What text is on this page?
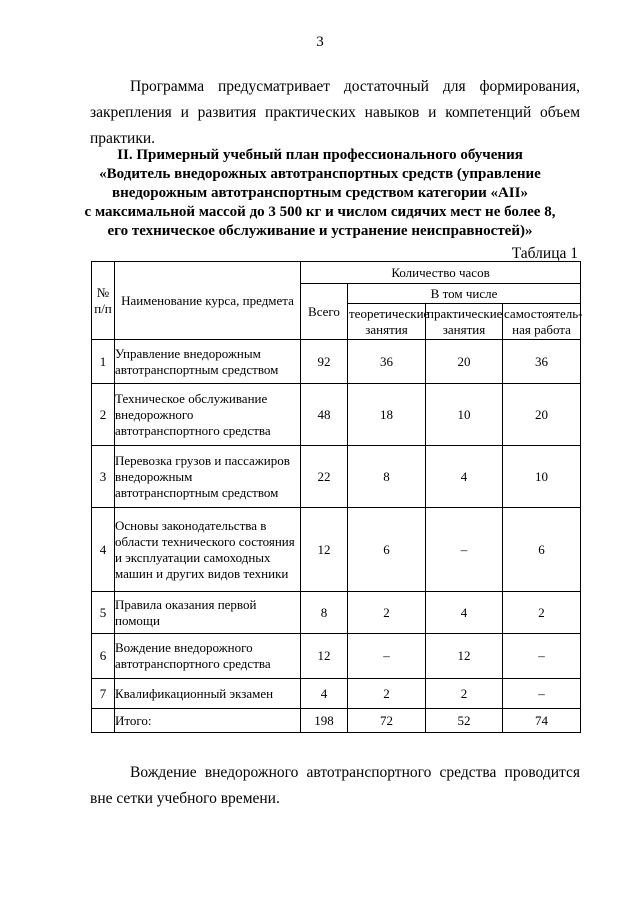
3

Программа предусматривает достаточный для формирования, закрепления и развития практических навыков и компетенций объем практики.

II. Примерный учебный план профессионального обучения
«Водитель внедорожных автотранспортных средств (управление
внедорожным автотранспортным средством категории «АII»
с максимальной массой до 3 500 кг и числом сидячих мест не более 8,
его техническое обслуживание и устранение неисправностей)»
Таблица 1
№ п/п	Наименование курса, предмета	Количество часов			
		Всего	В том числе		
			теоретические занятия	практические занятия	самостоятель-ная работа
1	Управление внедорожным автотранспортным средством	92	36	20	36
2	Техническое обслуживание внедорожного автотранспортного средства	48	18	10	20
3	Перевозка грузов и пассажиров внедорожным автотранспортным средством	22	8	4	10
4	Основы законодательства в области технического состояния и эксплуатации самоходных машин и других видов техники	12	6	–	6
5	Правила оказания первой помощи	8	2	4	2
6	Вождение внедорожного автотранспортного средства	12	–	12	–
7	Квалификационный экзамен	4	2	2	–
	Итого:	198	72	52	74

Вождение внедорожного автотранспортного средства проводится вне сетки учебного времени.
